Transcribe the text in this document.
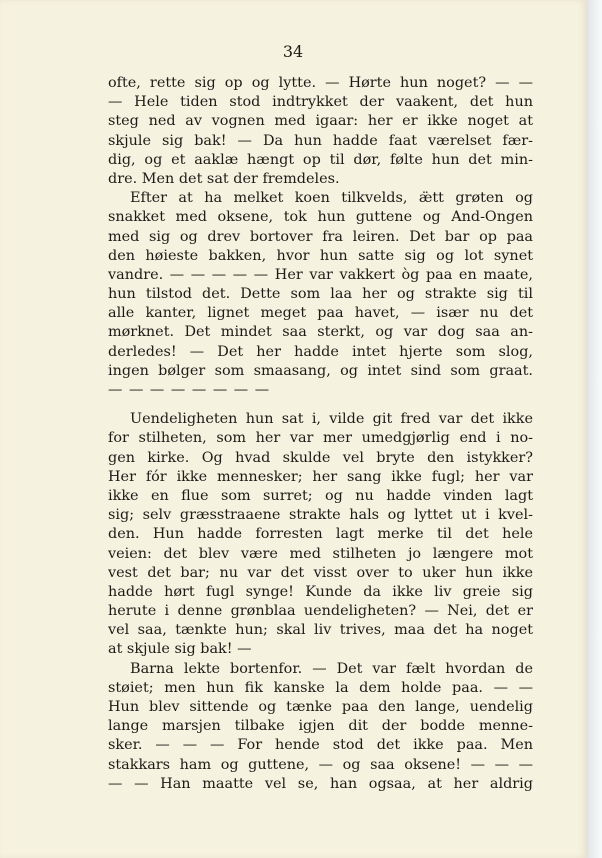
34

ofte, rette sig op og lytte. — Hørte hun noget? — —
— Hele tiden stod indtrykket der vaakent, det hun
steg ned av vognen med igaar: her er ikke noget at
skjule sig bak! — Da hun hadde faat værelset fær-
dig, og et aaklæ hængt op til dør, følte hun det min-
dre. Men det sat der fremdeles.
Efter at ha melket koen tilkvelds, æ̈tt grøten og
snakket med oksene, tok hun guttene og And-Ongen
med sig og drev bortover fra leiren. Det bar op paa
den høieste bakken, hvor hun satte sig og lot synet
vandre. — — — — — Her var vakkert òg paa en maate,
hun tilstod det. Dette som laa her og strakte sig til
alle kanter, lignet meget paa havet, — især nu det
mørknet. Det mindet saa sterkt, og var dog saa an-
derledes! — Det her hadde intet hjerte som slog,
ingen bølger som smaasang, og intet sind som graat.
— — — — — — — —
Uendeligheten hun sat i, vilde git fred var det ikke
for stilheten, som her var mer umedgjørlig end i no-
gen kirke. Og hvad skulde vel bryte den istykker?
Her fór ikke mennesker; her sang ikke fugl; her var
ikke en flue som surret; og nu hadde vinden lagt
sig; selv græsstraaene strakte hals og lyttet ut i kvel-
den. Hun hadde forresten lagt merke til det hele
veien: det blev være med stilheten jo længere mot
vest det bar; nu var det visst over to uker hun ikke
hadde hørt fugl synge! Kunde da ikke liv greie sig
herute i denne grønblaa uendeligheten? — Nei, det er
vel saa, tænkte hun; skal liv trives, maa det ha noget
at skjule sig bak! —
Barna lekte bortenfor. — Det var fælt hvordan de
støiet; men hun fik kanske la dem holde paa. — —
Hun blev sittende og tænke paa den lange, uendelig
lange marsjen tilbake igjen dit der bodde menne-
sker. — — — For hende stod det ikke paa. Men
stakkars ham og guttene, — og saa oksene! — — —
— — Han maatte vel se, han ogsaa, at her aldrig
